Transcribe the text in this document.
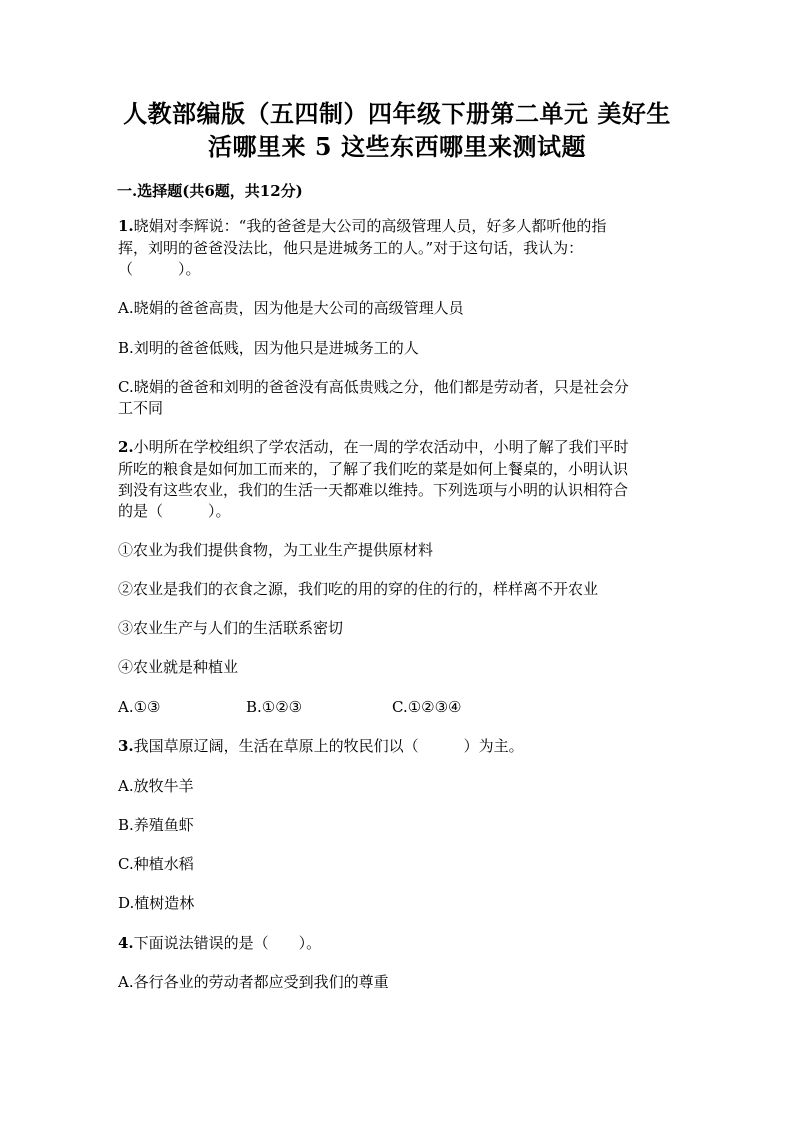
人教部编版（五四制）四年级下册第二单元 美好生
活哪里来 5 这些东西哪里来测试题
一.选择题(共6题，共12分)
1.晓娟对李辉说：“我的爸爸是大公司的高级管理人员，好多人都听他的指
挥，刘明的爸爸没法比，他只是进城务工的人。”对于这句话，我认为：
（　　　）。
A.晓娟的爸爸高贵，因为他是大公司的高级管理人员
B.刘明的爸爸低贱，因为他只是进城务工的人
C.晓娟的爸爸和刘明的爸爸没有高低贵贱之分，他们都是劳动者，只是社会分
工不同
2.小明所在学校组织了学农活动，在一周的学农活动中，小明了解了我们平时
所吃的粮食是如何加工而来的，了解了我们吃的菜是如何上餐桌的，小明认识
到没有这些农业，我们的生活一天都难以维持。下列选项与小明的认识相符合
的是（　　　）。
①农业为我们提供食物，为工业生产提供原材料
②农业是我们的衣食之源，我们吃的用的穿的住的行的，样样离不开农业
③农业生产与人们的生活联系密切
④农业就是种植业
A.①③	B.①②③	C.①②③④
3.我国草原辽阔，生活在草原上的牧民们以（　　　）为主。
A.放牧牛羊
B.养殖鱼虾
C.种植水稻
D.植树造林
4.下面说法错误的是（　　）。
A.各行各业的劳动者都应受到我们的尊重
